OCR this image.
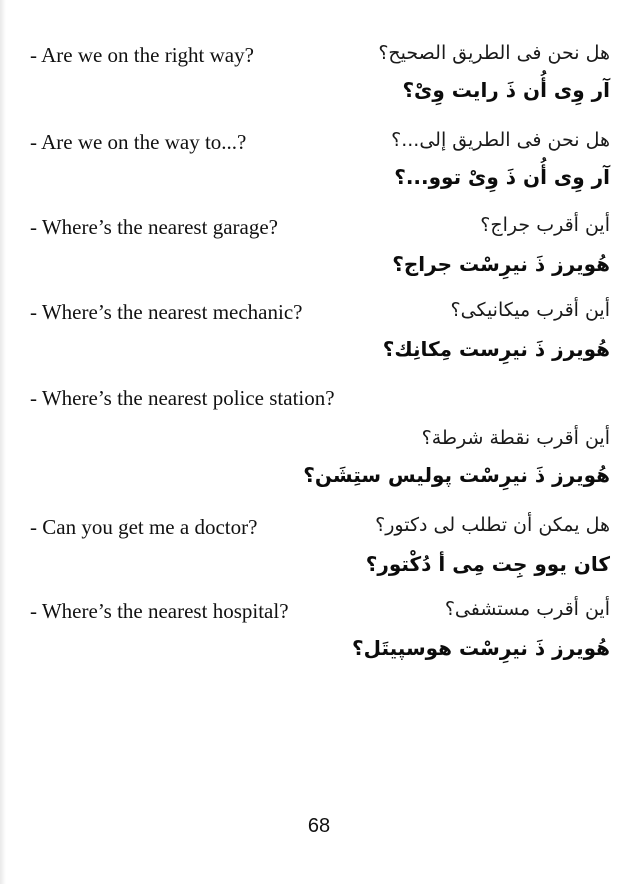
- Are we on the right way?	هل نحن فى الطريق الصحيح؟
آر وِى أُن ذَ رايت وِىْ؟
- Are we on the way to...?	هل نحن فى الطريق إلى...؟
آر وِى أُن ذَ وِىْ توو...؟
- Where’s the nearest garage?	أين أقرب جراج؟
هُويرز ذَ نيرِسْت جراج؟
- Where’s the nearest mechanic?	أين أقرب ميكانيكى؟
هُويرز ذَ نيرِست مِكانِك؟
- Where’s the nearest police station?
أين أقرب نقطة شرطة؟
هُويرز ذَ نيرِسْت پوليس ستِشَن؟
- Can you get me a doctor?	هل يمكن أن تطلب لى دكتور؟
كان يوو جِت مِى أ دُكْتور؟
- Where’s the nearest hospital?	أين أقرب مستشفى؟
هُويرز ذَ نيرِسْت هوسپيتَل؟
68
